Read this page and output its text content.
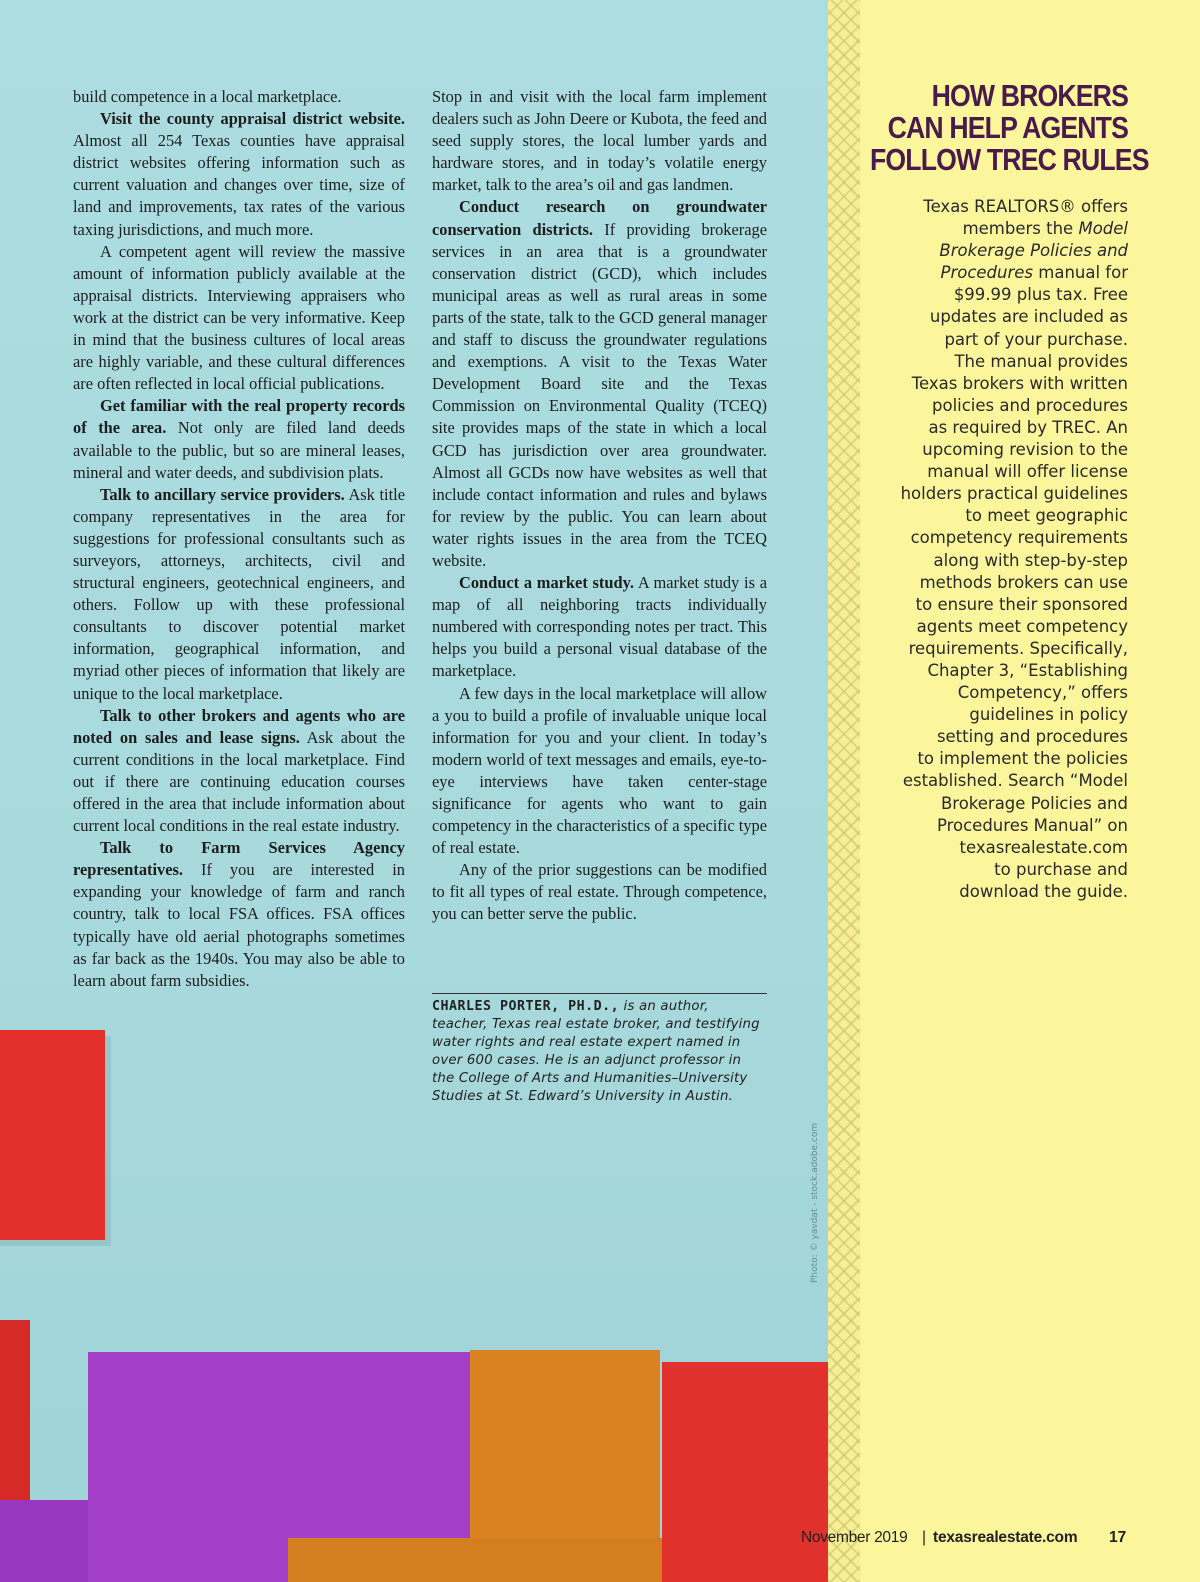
build competence in a local marketplace.

Visit the county appraisal district website. Almost all 254 Texas counties have appraisal district websites offering information such as current valuation and changes over time, size of land and improvements, tax rates of the various taxing jurisdictions, and much more.

A competent agent will review the massive amount of information publicly available at the appraisal districts. Interviewing appraisers who work at the district can be very informative. Keep in mind that the business cultures of local areas are highly variable, and these cultural differences are often reflected in local official publications.

Get familiar with the real property records of the area. Not only are filed land deeds available to the public, but so are mineral leases, mineral and water deeds, and subdivision plats.

Talk to ancillary service providers. Ask title company representatives in the area for suggestions for professional consultants such as surveyors, attorneys, architects, civil and structural engineers, geotechnical engineers, and others. Follow up with these professional consultants to discover potential market information, geographical information, and myriad other pieces of information that likely are unique to the local marketplace.

Talk to other brokers and agents who are noted on sales and lease signs. Ask about the current conditions in the local marketplace. Find out if there are continuing education courses offered in the area that include information about current local conditions in the real estate industry.

Talk to Farm Services Agency representatives. If you are interested in expanding your knowledge of farm and ranch country, talk to local FSA offices. FSA offices typically have old aerial photographs sometimes as far back as the 1940s. You may also be able to learn about farm subsidies.

Stop in and visit with the local farm implement dealers such as John Deere or Kubota, the feed and seed supply stores, the local lumber yards and hardware stores, and in today’s volatile energy market, talk to the area’s oil and gas landmen.

Conduct research on groundwater conservation districts. If providing brokerage services in an area that is a groundwater conservation district (GCD), which includes municipal areas as well as rural areas in some parts of the state, talk to the GCD general manager and staff to discuss the groundwater regulations and exemptions. A visit to the Texas Water Development Board site and the Texas Commission on Environmental Quality (TCEQ) site provides maps of the state in which a local GCD has jurisdiction over area groundwater. Almost all GCDs now have websites as well that include contact information and rules and bylaws for review by the public. You can learn about water rights issues in the area from the TCEQ website.

Conduct a market study. A market study is a map of all neighboring tracts individually numbered with corresponding notes per tract. This helps you build a personal visual database of the marketplace.

A few days in the local marketplace will allow a you to build a profile of invaluable unique local information for you and your client. In today’s modern world of text messages and emails, eye-to-eye interviews have taken center-stage significance for agents who want to gain competency in the characteristics of a specific type of real estate.

Any of the prior suggestions can be modified to fit all types of real estate. Through competence, you can better serve the public.

CHARLES PORTER, PH.D., is an author, teacher, Texas real estate broker, and testifying water rights and real estate expert named in over 600 cases. He is an adjunct professor in the College of Arts and Humanities–University Studies at St. Edward’s University in Austin.
Photo: © yavdat - stock.adobe.com
HOW BROKERS
CAN HELP AGENTS
FOLLOW TREC RULES
Texas REALTORS® offers
members the Model
Brokerage Policies and
Procedures manual for
$99.99 plus tax. Free
updates are included as
part of your purchase.
The manual provides
Texas brokers with written
policies and procedures
as required by TREC. An
upcoming revision to the
manual will offer license
holders practical guidelines
to meet geographic
competency requirements
along with step-by-step
methods brokers can use
to ensure their sponsored
agents meet competency
requirements. Specifically,
Chapter 3, “Establishing
Competency,” offers
guidelines in policy
setting and procedures
to implement the policies
established. Search “Model
Brokerage Policies and
Procedures Manual” on
texasrealestate.com
to purchase and
download the guide.
November 2019 | texasrealestate.com 17
